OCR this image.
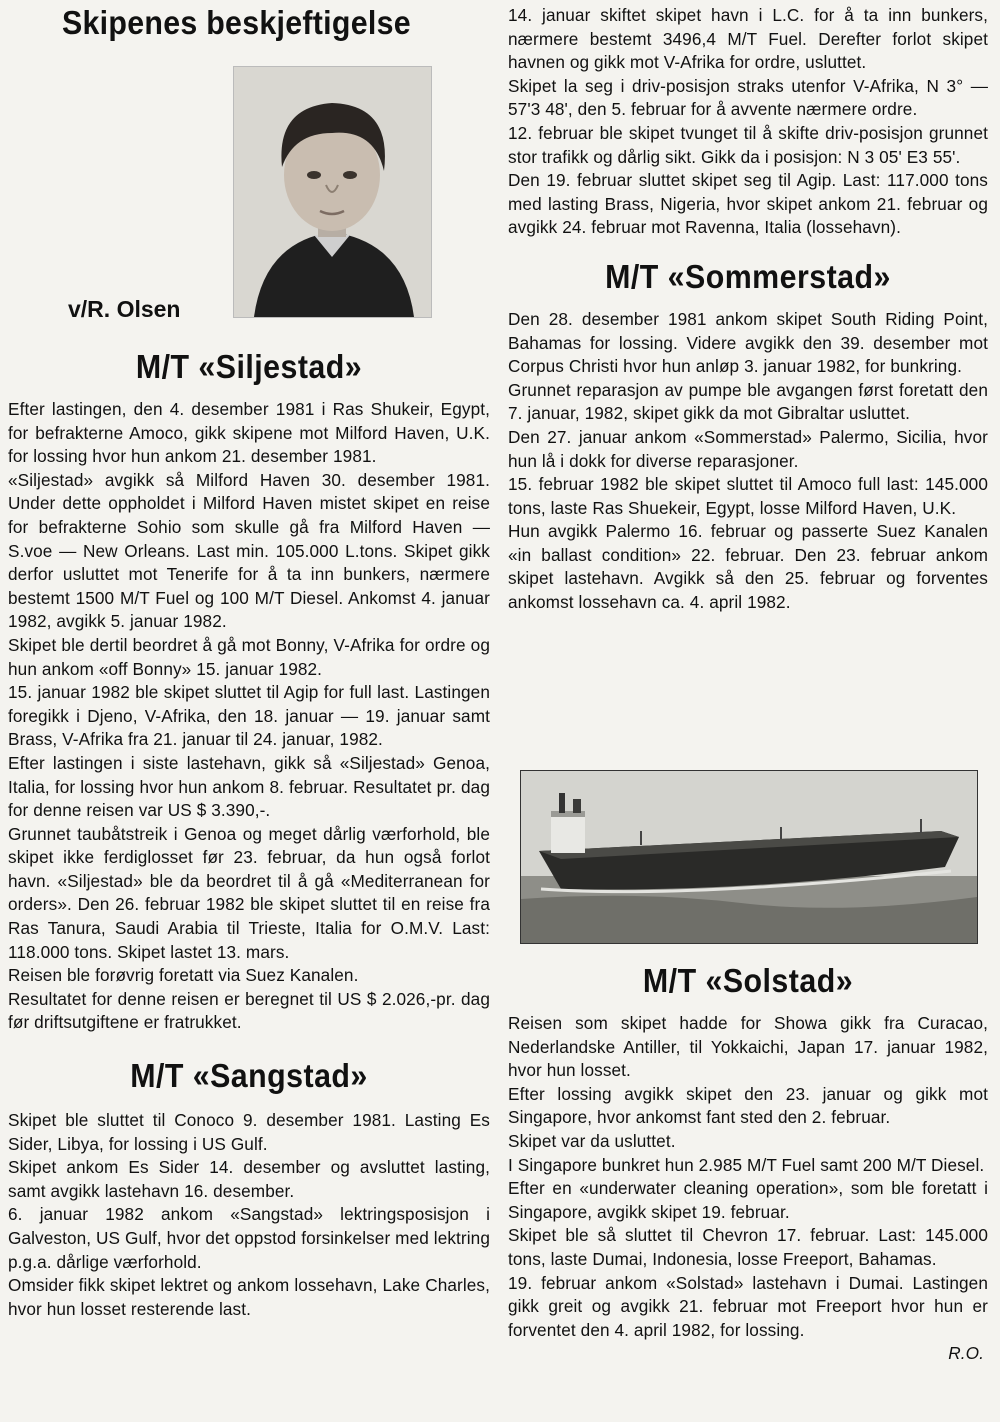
Skipenes beskjeftigelse

v/R. Olsen

M/T «Siljestad»

Efter lastingen, den 4. desember 1981 i Ras Shukeir, Egypt, for befrakterne Amoco, gikk skipene mot Milford Haven, U.K. for lossing hvor hun ankom 21. desember 1981.

«Siljestad» avgikk så Milford Haven 30. desember 1981. Under dette oppholdet i Milford Haven mistet skipet en reise for befrakterne Sohio som skulle gå fra Milford Haven — S.voe — New Orleans. Last min. 105.000 L.tons. Skipet gikk derfor usluttet mot Tenerife for å ta inn bunkers, nærmere bestemt 1500 M/T Fuel og 100 M/T Diesel. Ankomst 4. januar 1982, avgikk 5. januar 1982.

Skipet ble dertil beordret å gå mot Bonny, V-Afrika for ordre og hun ankom «off Bonny» 15. januar 1982.

15. januar 1982 ble skipet sluttet til Agip for full last. Lastingen foregikk i Djeno, V-Afrika, den 18. januar — 19. januar samt Brass, V-Afrika fra 21. januar til 24. januar, 1982.

Efter lastingen i siste lastehavn, gikk så «Siljestad» Genoa, Italia, for lossing hvor hun ankom 8. februar. Resultatet pr. dag for denne reisen var US $ 3.390,-.

Grunnet taubåtstreik i Genoa og meget dårlig værforhold, ble skipet ikke ferdiglosset før 23. februar, da hun også forlot havn. «Siljestad» ble da beordret til å gå «Mediterranean for orders». Den 26. februar 1982 ble skipet sluttet til en reise fra Ras Tanura, Saudi Arabia til Trieste, Italia for O.M.V. Last: 118.000 tons. Skipet lastet 13. mars.

Reisen ble forøvrig foretatt via Suez Kanalen.

Resultatet for denne reisen er beregnet til US $ 2.026,-pr. dag før driftsutgiftene er fratrukket.

M/T «Sangstad»

Skipet ble sluttet til Conoco 9. desember 1981. Lasting Es Sider, Libya, for lossing i US Gulf.

Skipet ankom Es Sider 14. desember og avsluttet lasting, samt avgikk lastehavn 16. desember.

6. januar 1982 ankom «Sangstad» lektringsposisjon i Galveston, US Gulf, hvor det oppstod forsinkelser med lektring p.g.a. dårlige værforhold.

Omsider fikk skipet lektret og ankom lossehavn, Lake Charles, hvor hun losset resterende last.

14. januar skiftet skipet havn i L.C. for å ta inn bunkers, nærmere bestemt 3496,4 M/T Fuel. Derefter forlot skipet havnen og gikk mot V-Afrika for ordre, usluttet.

Skipet la seg i driv-posisjon straks utenfor V-Afrika, N 3° — 57'3 48', den 5. februar for å avvente nærmere ordre.

12. februar ble skipet tvunget til å skifte driv-posisjon grunnet stor trafikk og dårlig sikt. Gikk da i posisjon: N 3 05' E3 55'.

Den 19. februar sluttet skipet seg til Agip. Last: 117.000 tons med lasting Brass, Nigeria, hvor skipet ankom 21. februar og avgikk 24. februar mot Ravenna, Italia (lossehavn).

M/T «Sommerstad»

Den 28. desember 1981 ankom skipet South Riding Point, Bahamas for lossing. Videre avgikk den 39. desember mot Corpus Christi hvor hun anløp 3. januar 1982, for bunkring.

Grunnet reparasjon av pumpe ble avgangen først foretatt den 7. januar, 1982, skipet gikk da mot Gibraltar usluttet.

Den 27. januar ankom «Sommerstad» Palermo, Sicilia, hvor hun lå i dokk for diverse reparasjoner.

15. februar 1982 ble skipet sluttet til Amoco full last: 145.000 tons, laste Ras Shuekeir, Egypt, losse Milford Haven, U.K.

Hun avgikk Palermo 16. februar og passerte Suez Kanalen «in ballast condition» 22. februar. Den 23. februar ankom skipet lastehavn. Avgikk så den 25. februar og forventes ankomst lossehavn ca. 4. april 1982.

M/T «Solstad»

Reisen som skipet hadde for Showa gikk fra Curacao, Nederlandske Antiller, til Yokkaichi, Japan 17. januar 1982, hvor hun losset.

Efter lossing avgikk skipet den 23. januar og gikk mot Singapore, hvor ankomst fant sted den 2. februar.

Skipet var da usluttet.

I Singapore bunkret hun 2.985 M/T Fuel samt 200 M/T Diesel.

Efter en «underwater cleaning operation», som ble foretatt i Singapore, avgikk skipet 19. februar.

Skipet ble så sluttet til Chevron 17. februar. Last: 145.000 tons, laste Dumai, Indonesia, losse Freeport, Bahamas.

19. februar ankom «Solstad» lastehavn i Dumai. Lastingen gikk greit og avgikk 21. februar mot Freeport hvor hun er forventet den 4. april 1982, for lossing.

R.O.
